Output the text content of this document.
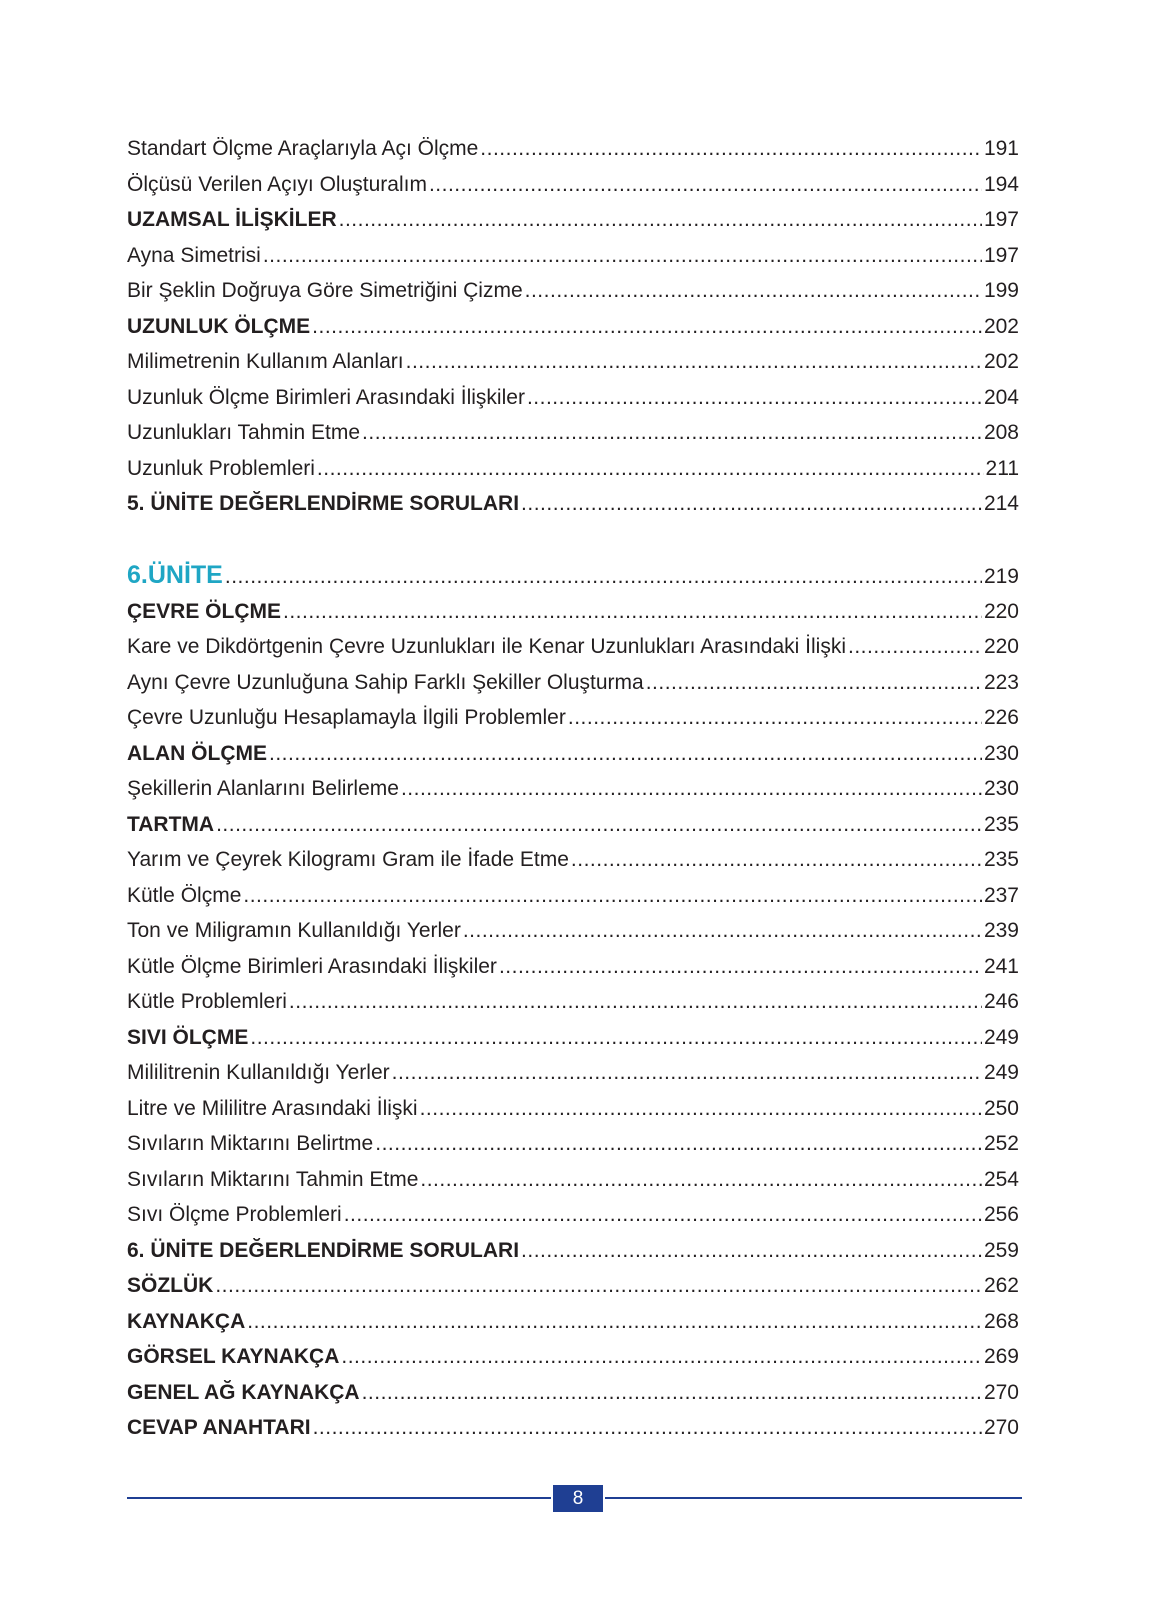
Standart Ölçme Araçlarıyla Açı Ölçme .....	191
Ölçüsü Verilen Açıyı Oluşturalım .....	194
UZAMSAL İLİŞKİLER .....	197
Ayna Simetrisi .....	197
Bir Şeklin Doğruya Göre Simetriğini Çizme .....	199
UZUNLUK ÖLÇME .....	202
Milimetrenin Kullanım Alanları .....	202
Uzunluk Ölçme Birimleri Arasındaki İlişkiler .....	204
Uzunlukları Tahmin Etme .....	208
Uzunluk Problemleri .....	211
5. ÜNİTE DEĞERLENDİRME SORULARI .....	214
6.ÜNİTE .....	219
ÇEVRE ÖLÇME .....	220
Kare ve Dikdörtgenin Çevre Uzunlukları ile Kenar Uzunlukları Arasındaki İlişki .....	220
Aynı Çevre Uzunluğuna Sahip Farklı Şekiller Oluşturma .....	223
Çevre Uzunluğu Hesaplamayla İlgili Problemler .....	226
ALAN ÖLÇME .....	230
Şekillerin Alanlarını Belirleme .....	230
TARTMA .....	235
Yarım ve Çeyrek Kilogramı Gram ile İfade Etme .....	235
Kütle Ölçme .....	237
Ton ve Miligramın Kullanıldığı Yerler .....	239
Kütle Ölçme Birimleri Arasındaki İlişkiler .....	241
Kütle Problemleri .....	246
SIVI ÖLÇME .....	249
Mililitrenin Kullanıldığı Yerler .....	249
Litre ve Mililitre Arasındaki İlişki .....	250
Sıvıların Miktarını Belirtme .....	252
Sıvıların Miktarını Tahmin Etme .....	254
Sıvı Ölçme Problemleri .....	256
6. ÜNİTE DEĞERLENDİRME SORULARI .....	259
SÖZLÜK .....	262
KAYNAKÇA .....	268
GÖRSEL KAYNAKÇA .....	269
GENEL AĞ KAYNAKÇA .....	270
CEVAP ANAHTARI .....	270
8
